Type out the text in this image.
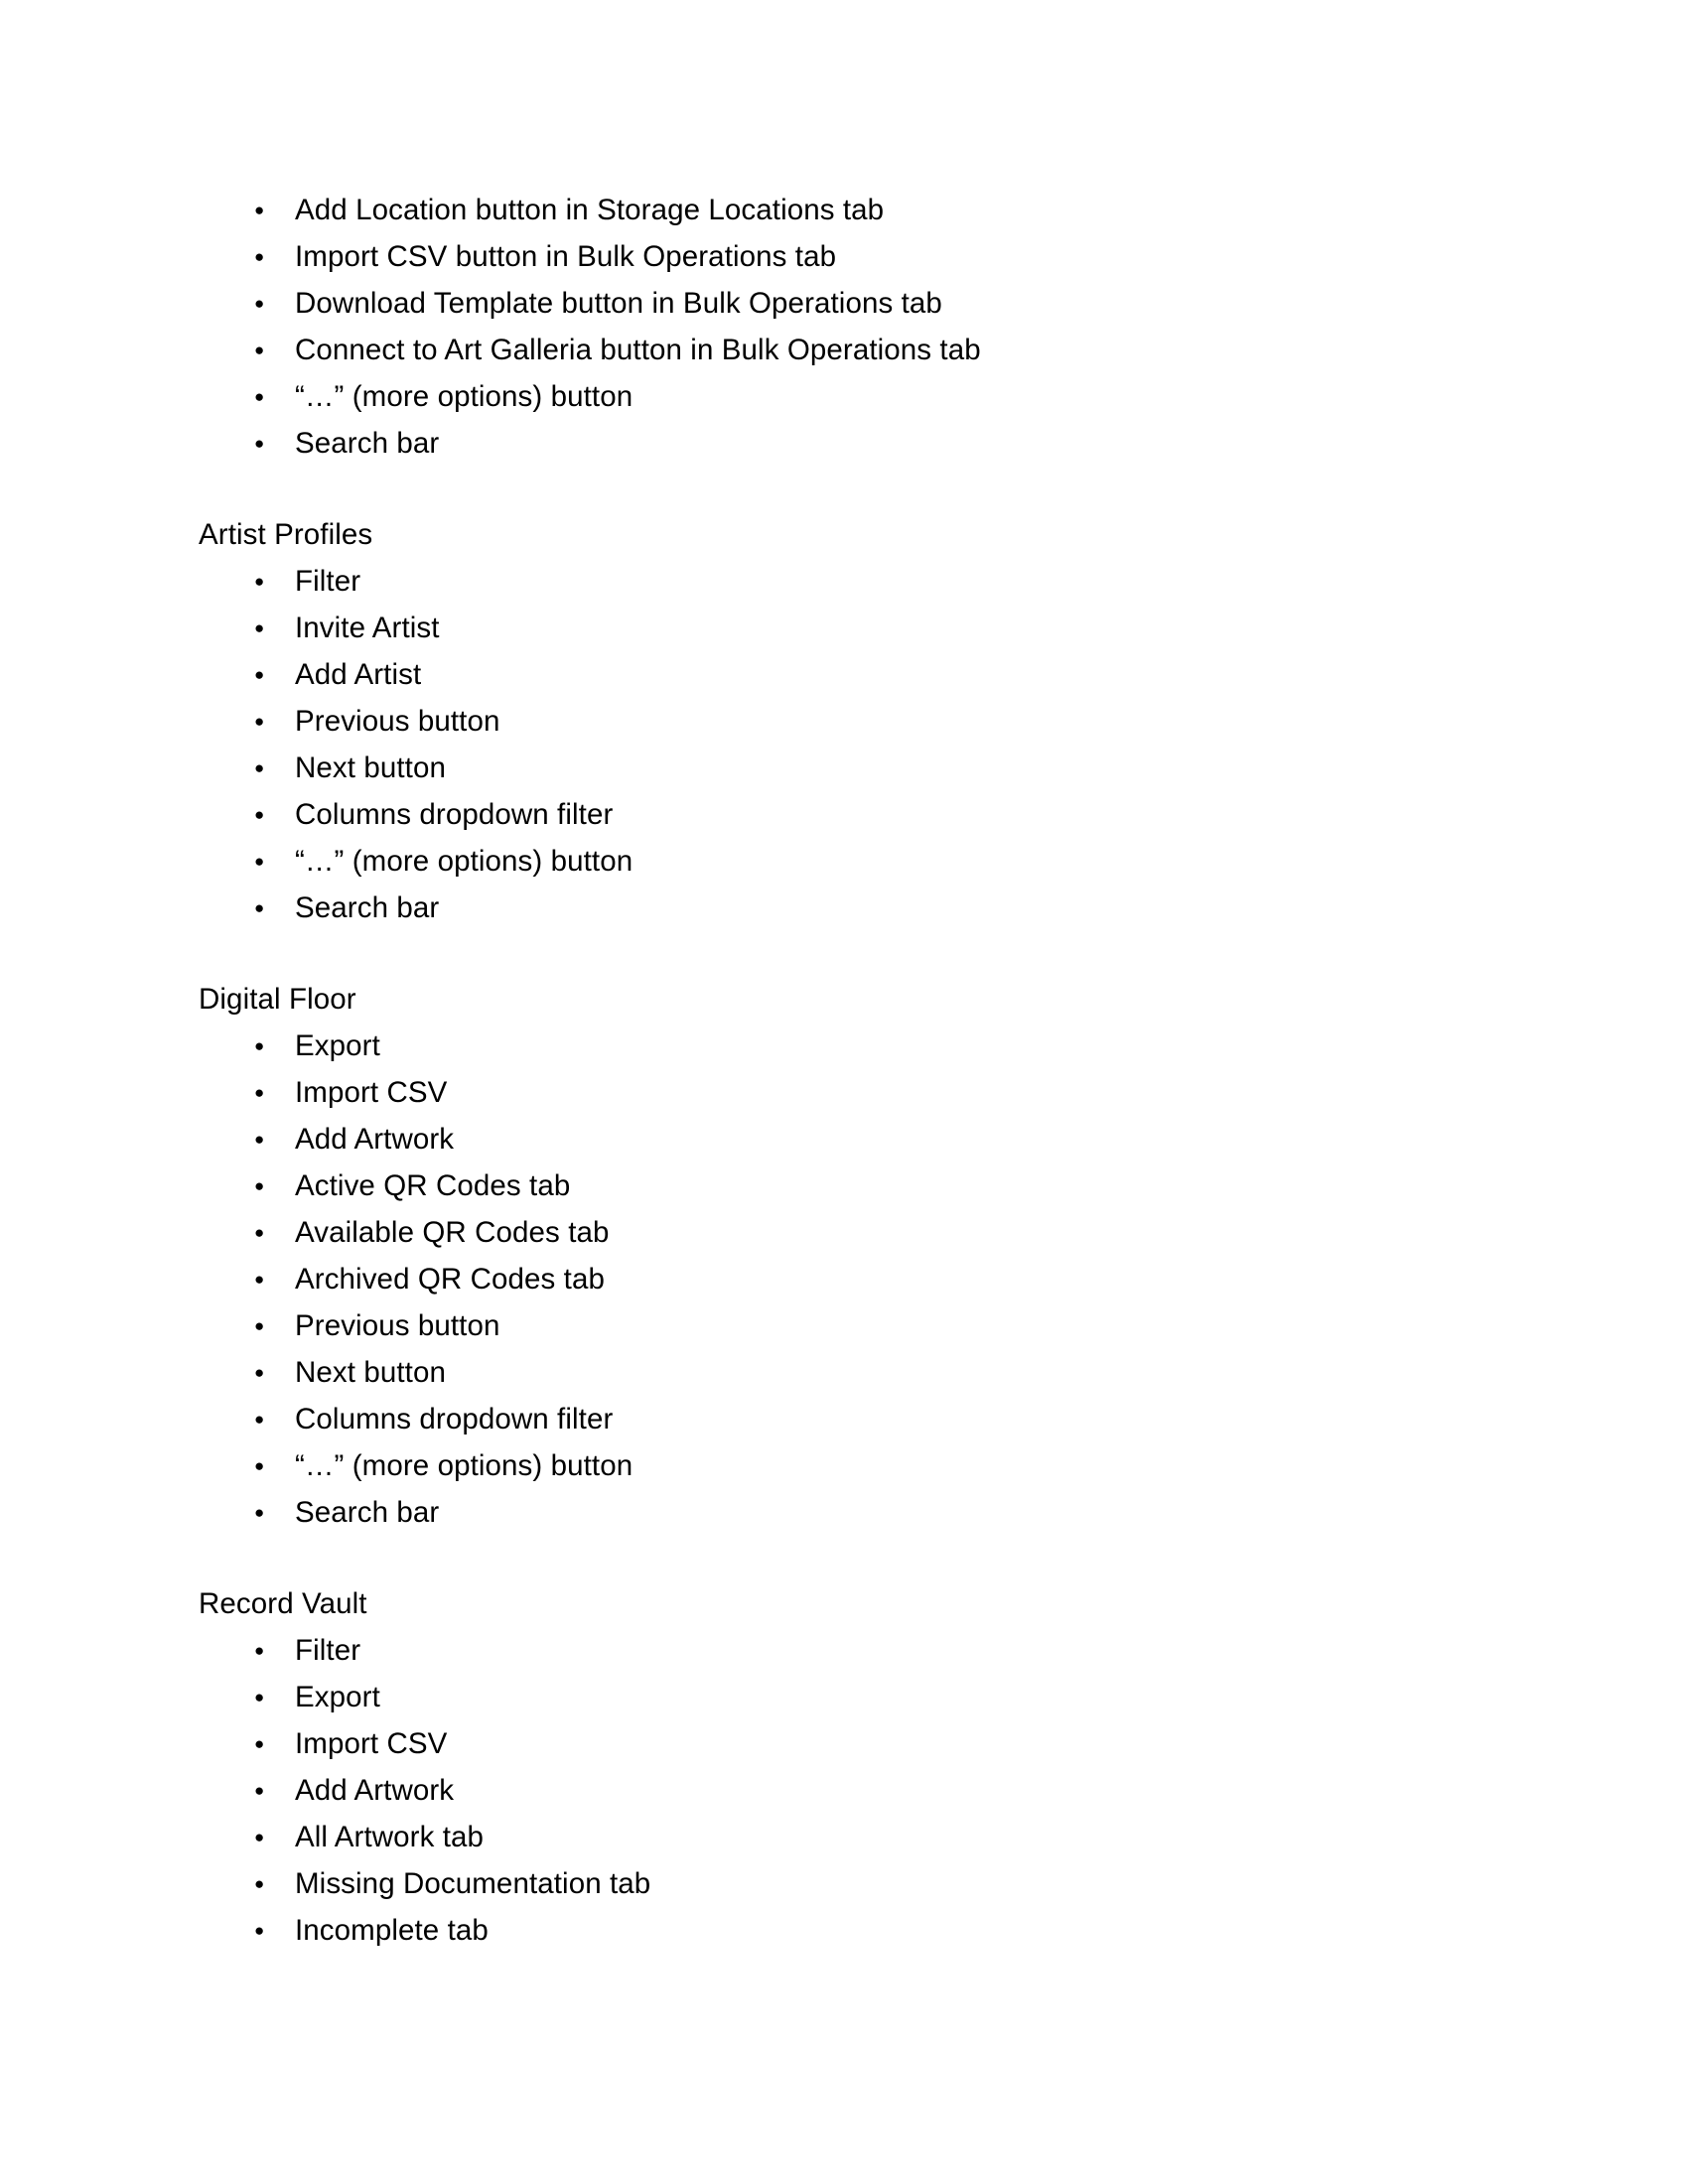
●
Add Location button in Storage Locations tab
●
Import CSV button in Bulk Operations tab
●
Download Template button in Bulk Operations tab
●
Connect to Art Galleria button in Bulk Operations tab
●
“…” (more options) button
●
Search bar
Artist Profiles
●
Filter
●
Invite Artist
●
Add Artist
●
Previous button
●
Next button
●
Columns dropdown filter
●
“…” (more options) button
●
Search bar
Digital Floor
●
Export
●
Import CSV
●
Add Artwork
●
Active QR Codes tab
●
Available QR Codes tab
●
Archived QR Codes tab
●
Previous button
●
Next button
●
Columns dropdown filter
●
“…” (more options) button
●
Search bar
Record Vault
●
Filter
●
Export
●
Import CSV
●
Add Artwork
●
All Artwork tab
●
Missing Documentation tab
●
Incomplete tab
